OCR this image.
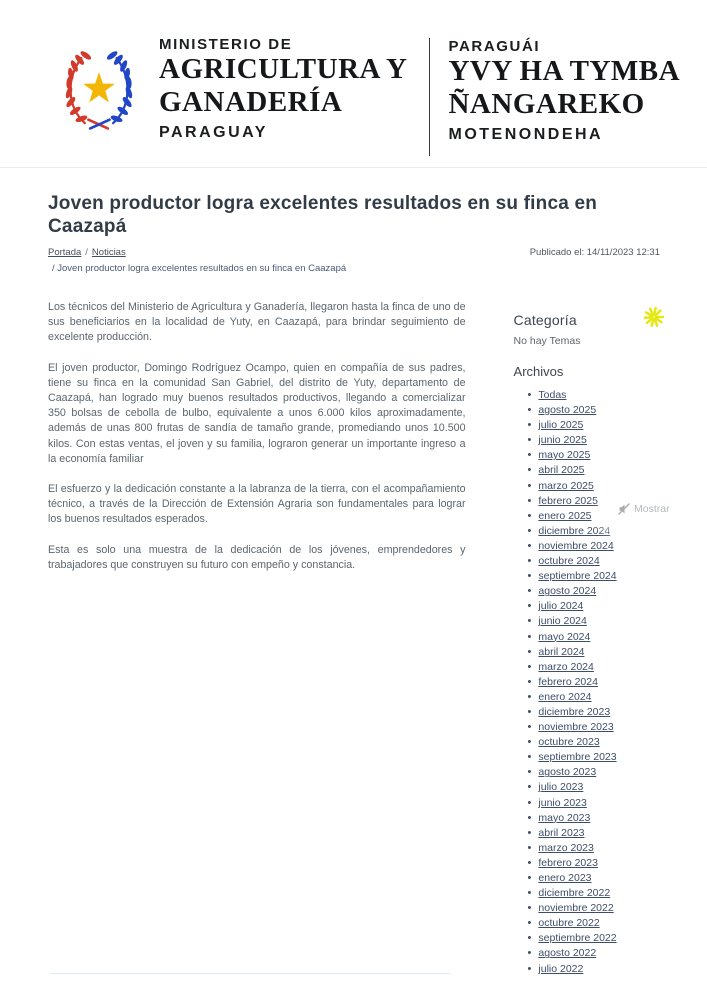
MINISTERIO DE
AGRICULTURA Y
GANADERÍA
PARAGUAY
PARAGUÁI
YVY HA TYMBA
ÑANGAREKO
MOTENONDEHA
Joven productor logra excelentes resultados en su finca en Caazapá
Portada / Noticias	Publicado el: 14/11/2023 12:31
/ Joven productor logra excelentes resultados en su finca en Caazapá

Los técnicos del Ministerio de Agricultura y Ganadería, llegaron hasta la finca de uno de sus beneficiarios en la localidad de Yuty, en Caazapá, para brindar seguimiento de excelente producción.

El joven productor, Domingo Rodríguez Ocampo, quien en compañía de sus padres, tiene su finca en la comunidad San Gabriel, del distrito de Yuty, departamento de Caazapá, han logrado muy buenos resultados productivos, llegando a comercializar 350 bolsas de cebolla de bulbo, equivalente a unos 6.000 kilos aproximadamente, además de unas 800 frutas de sandía de tamaño grande, promediando unos 10.500 kilos. Con estas ventas, el joven y su familia, lograron generar un importante ingreso a la economía familiar

El esfuerzo y la dedicación constante a la labranza de la tierra, con el acompañamiento técnico, a través de la Dirección de Extensión Agraria son fundamentales para lograr los buenos resultados esperados.

Esta es solo una muestra de la dedicación de los jóvenes, emprendedores y trabajadores que construyen su futuro con empeño y constancia.

Categoría
No hay Temas
Archivos
• Todas
• agosto 2025
• julio 2025
• junio 2025
• mayo 2025
• abril 2025
• marzo 2025
• febrero 2025
• enero 2025
• diciembre 2024
• noviembre 2024
• octubre 2024
• septiembre 2024
• agosto 2024
• julio 2024
• junio 2024
• mayo 2024
• abril 2024
• marzo 2024
• febrero 2024
• enero 2024
• diciembre 2023
• noviembre 2023
• octubre 2023
• septiembre 2023
• agosto 2023
• julio 2023
• junio 2023
• mayo 2023
• abril 2023
• marzo 2023
• febrero 2023
• enero 2023
• diciembre 2022
• noviembre 2022
• octubre 2022
• septiembre 2022
• agosto 2022
• julio 2022
Mostrar
